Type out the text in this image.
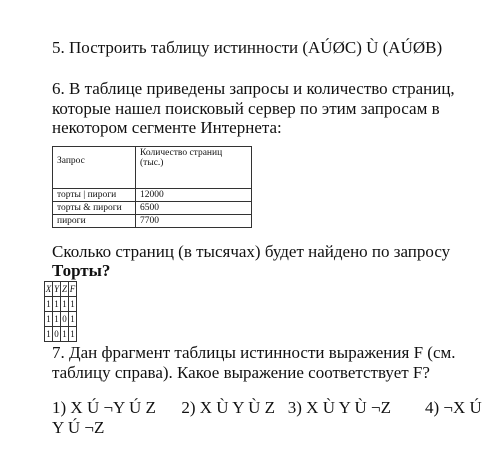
5. Построить таблицу истинности (АÚØС) Ù (АÚØВ)
6. В таблице приведены запросы и количество страниц,
которые нашел поисковый сервер по этим запросам в
некотором сегменте Интернета:
Запрос	Количество страниц
(тыс.)
торты | пироги	12000
торты & пироги	6500
пироги	7700
Сколько страниц (в тысячах) будет найдено по запросу
Торты?
X	Y	Z	F
1	1	1	1
1	1	0	1
1	0	1	1
7. Дан фрагмент таблицы истинности выражения F (см.
таблицу справа). Какое выражение соответствует F?
1) X Ú ¬Y Ú Z      2) X Ù Y Ù Z   3) X Ù Y Ù ¬Z        4) ¬X Ú
Y Ú ¬Z
